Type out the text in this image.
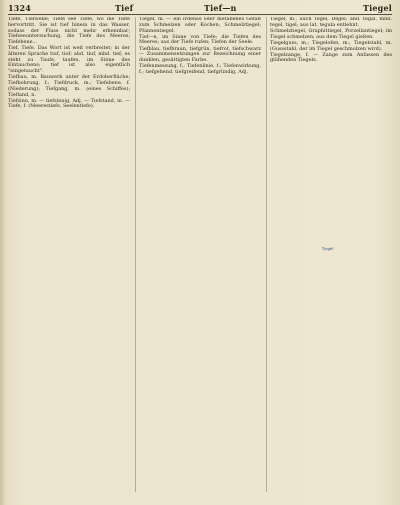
1324	Tief	Tief—n	Tiegel

Tiefe, Tiefwelle; Tiefe see Tiefe, wo die Tiefe hervortritt. Sie ist tief hinein in das Wasser, sodass der Fluss nicht mehr erkennbar; Tiefseeuntersuchung, die Tiefe des Meeres; Tiefebene...

Tief, Tiefe. Das Wort ist weit verbreitet; in der älteren Sprache tiuf, tiof; ahd. tiuf, mhd. tief; es steht zu Taufe, taufen, im Sinne des Eintauchens; tief ist also eigentlich "eingetaucht".

Tiefbau, m. Bauwerk unter der Erdoberfläche; Tiefbohrung, f.; Tiefdruck, m.; Tiefebene, f. (Niederung); Tiefgang, m. (eines Schiffes); Tiefland, n.

Tiefsinn, m. — tiefsinnig, Adj. — Tiefstand, m. — Tiefe, f. (Meerestiefe, Seelentiefe).

Tiegel, m. — ein irdenes oder metallenes Gefäß zum Schmelzen oder Kochen; Schmelztiegel; Pfannentiegel.

Tief—n, im Sinne von Tiefe; die Tiefen des Meeres; aus der Tiefe rufen; Tiefen der Seele.

Tiefblau, tiefbraun, tiefgrün, tiefrot, tiefschwarz — Zusammensetzungen zur Bezeichnung einer dunklen, gesättigten Farbe.

Tiefenmessung, f.; Tiefenlinie, f.; Tiefenwirkung, f.; tiefgehend, tiefgreifend, tiefgründig, Adj.

Tiegel, m., auch Tegel, Degel; ahd. tegal, mhd. tegel, tigel; aus lat. tegula entlehnt.

Schmelztiegel, Graphittiegel, Porzellantiegel; im Tiegel schmelzen; aus dem Tiegel gießen.

Tiegelguss, m.; Tiegelofen, m.; Tiegelstahl, m. (Gussstahl, der im Tiegel geschmolzen wird).

Tiegelzange, f. — Zange zum Anfassen des glühenden Tiegels.

Tiegel
